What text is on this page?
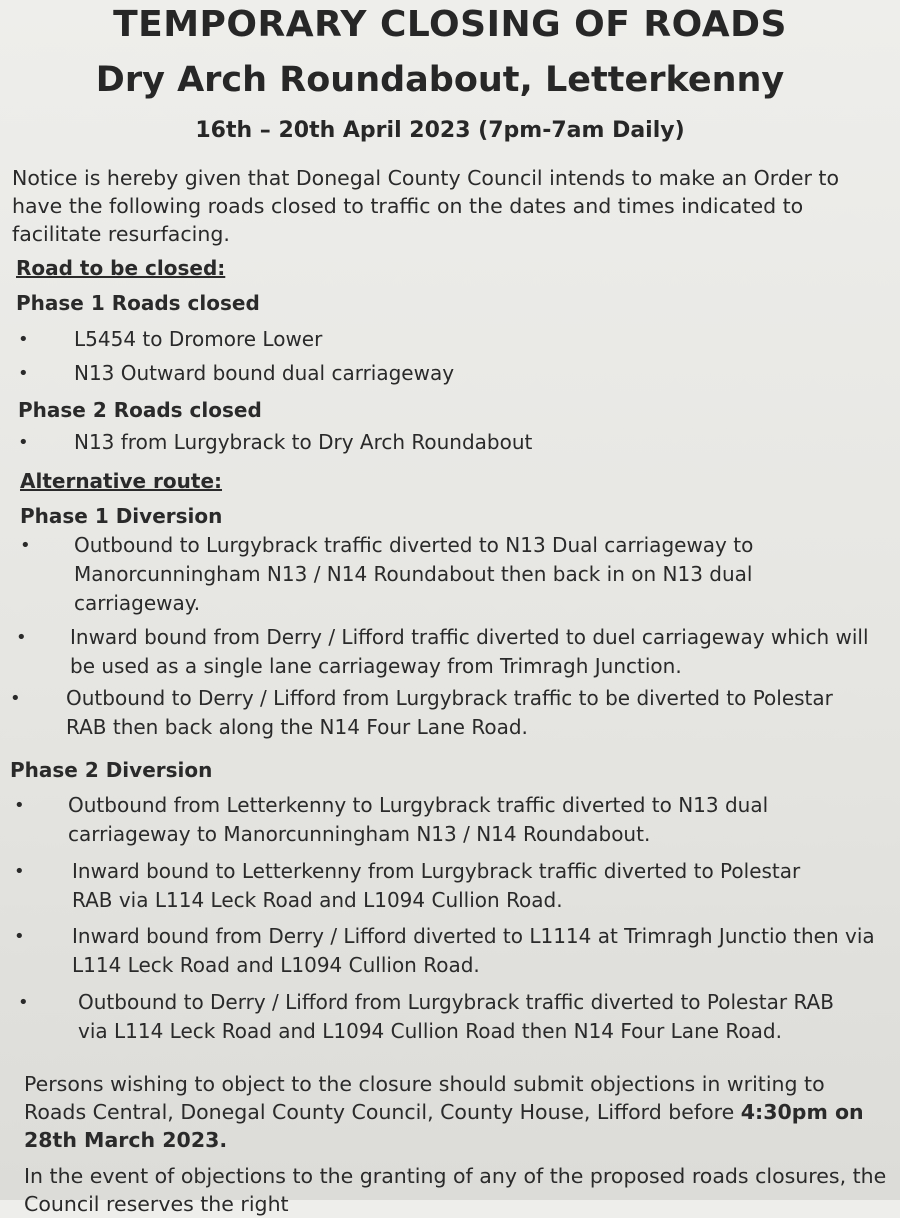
TEMPORARY CLOSING OF ROADS
Dry Arch Roundabout, Letterkenny
16th – 20th April 2023 (7pm-7am Daily)

Notice is hereby given that Donegal County Council intends to make an Order to have the following roads closed to traffic on the dates and times indicated to facilitate resurfacing.

Road to be closed:
Phase 1 Roads closed
• L5454 to Dromore Lower
• N13 Outward bound dual carriageway
Phase 2 Roads closed
• N13 from Lurgybrack to Dry Arch Roundabout
Alternative route:
Phase 1 Diversion
• Outbound to Lurgybrack traffic diverted to N13 Dual carriageway to Manorcunningham N13 / N14 Roundabout then back in on N13 dual carriageway.
• Inward bound from Derry / Lifford traffic diverted to duel carriageway which will be used as a single lane carriageway from Trimragh Junction.
• Outbound to Derry / Lifford from Lurgybrack traffic to be diverted to Polestar RAB then back along the N14 Four Lane Road.
Phase 2 Diversion
• Outbound from Letterkenny to Lurgybrack traffic diverted to N13 dual carriageway to Manorcunningham N13 / N14 Roundabout.
• Inward bound to Letterkenny from Lurgybrack traffic diverted to Polestar RAB via L114 Leck Road and L1094 Cullion Road.
• Inward bound from Derry / Lifford diverted to L1114 at Trimragh Junctio then via L114 Leck Road and L1094 Cullion Road.
• Outbound to Derry / Lifford from Lurgybrack traffic diverted to Polestar RAB via L114 Leck Road and L1094 Cullion Road then N14 Four Lane Road.
Persons wishing to object to the closure should submit objections in writing to Roads Central, Donegal County Council, County House, Lifford before 4:30pm on 28th March 2023.
In the event of objections to the granting of any of the proposed roads closures, the Council reserves the right
